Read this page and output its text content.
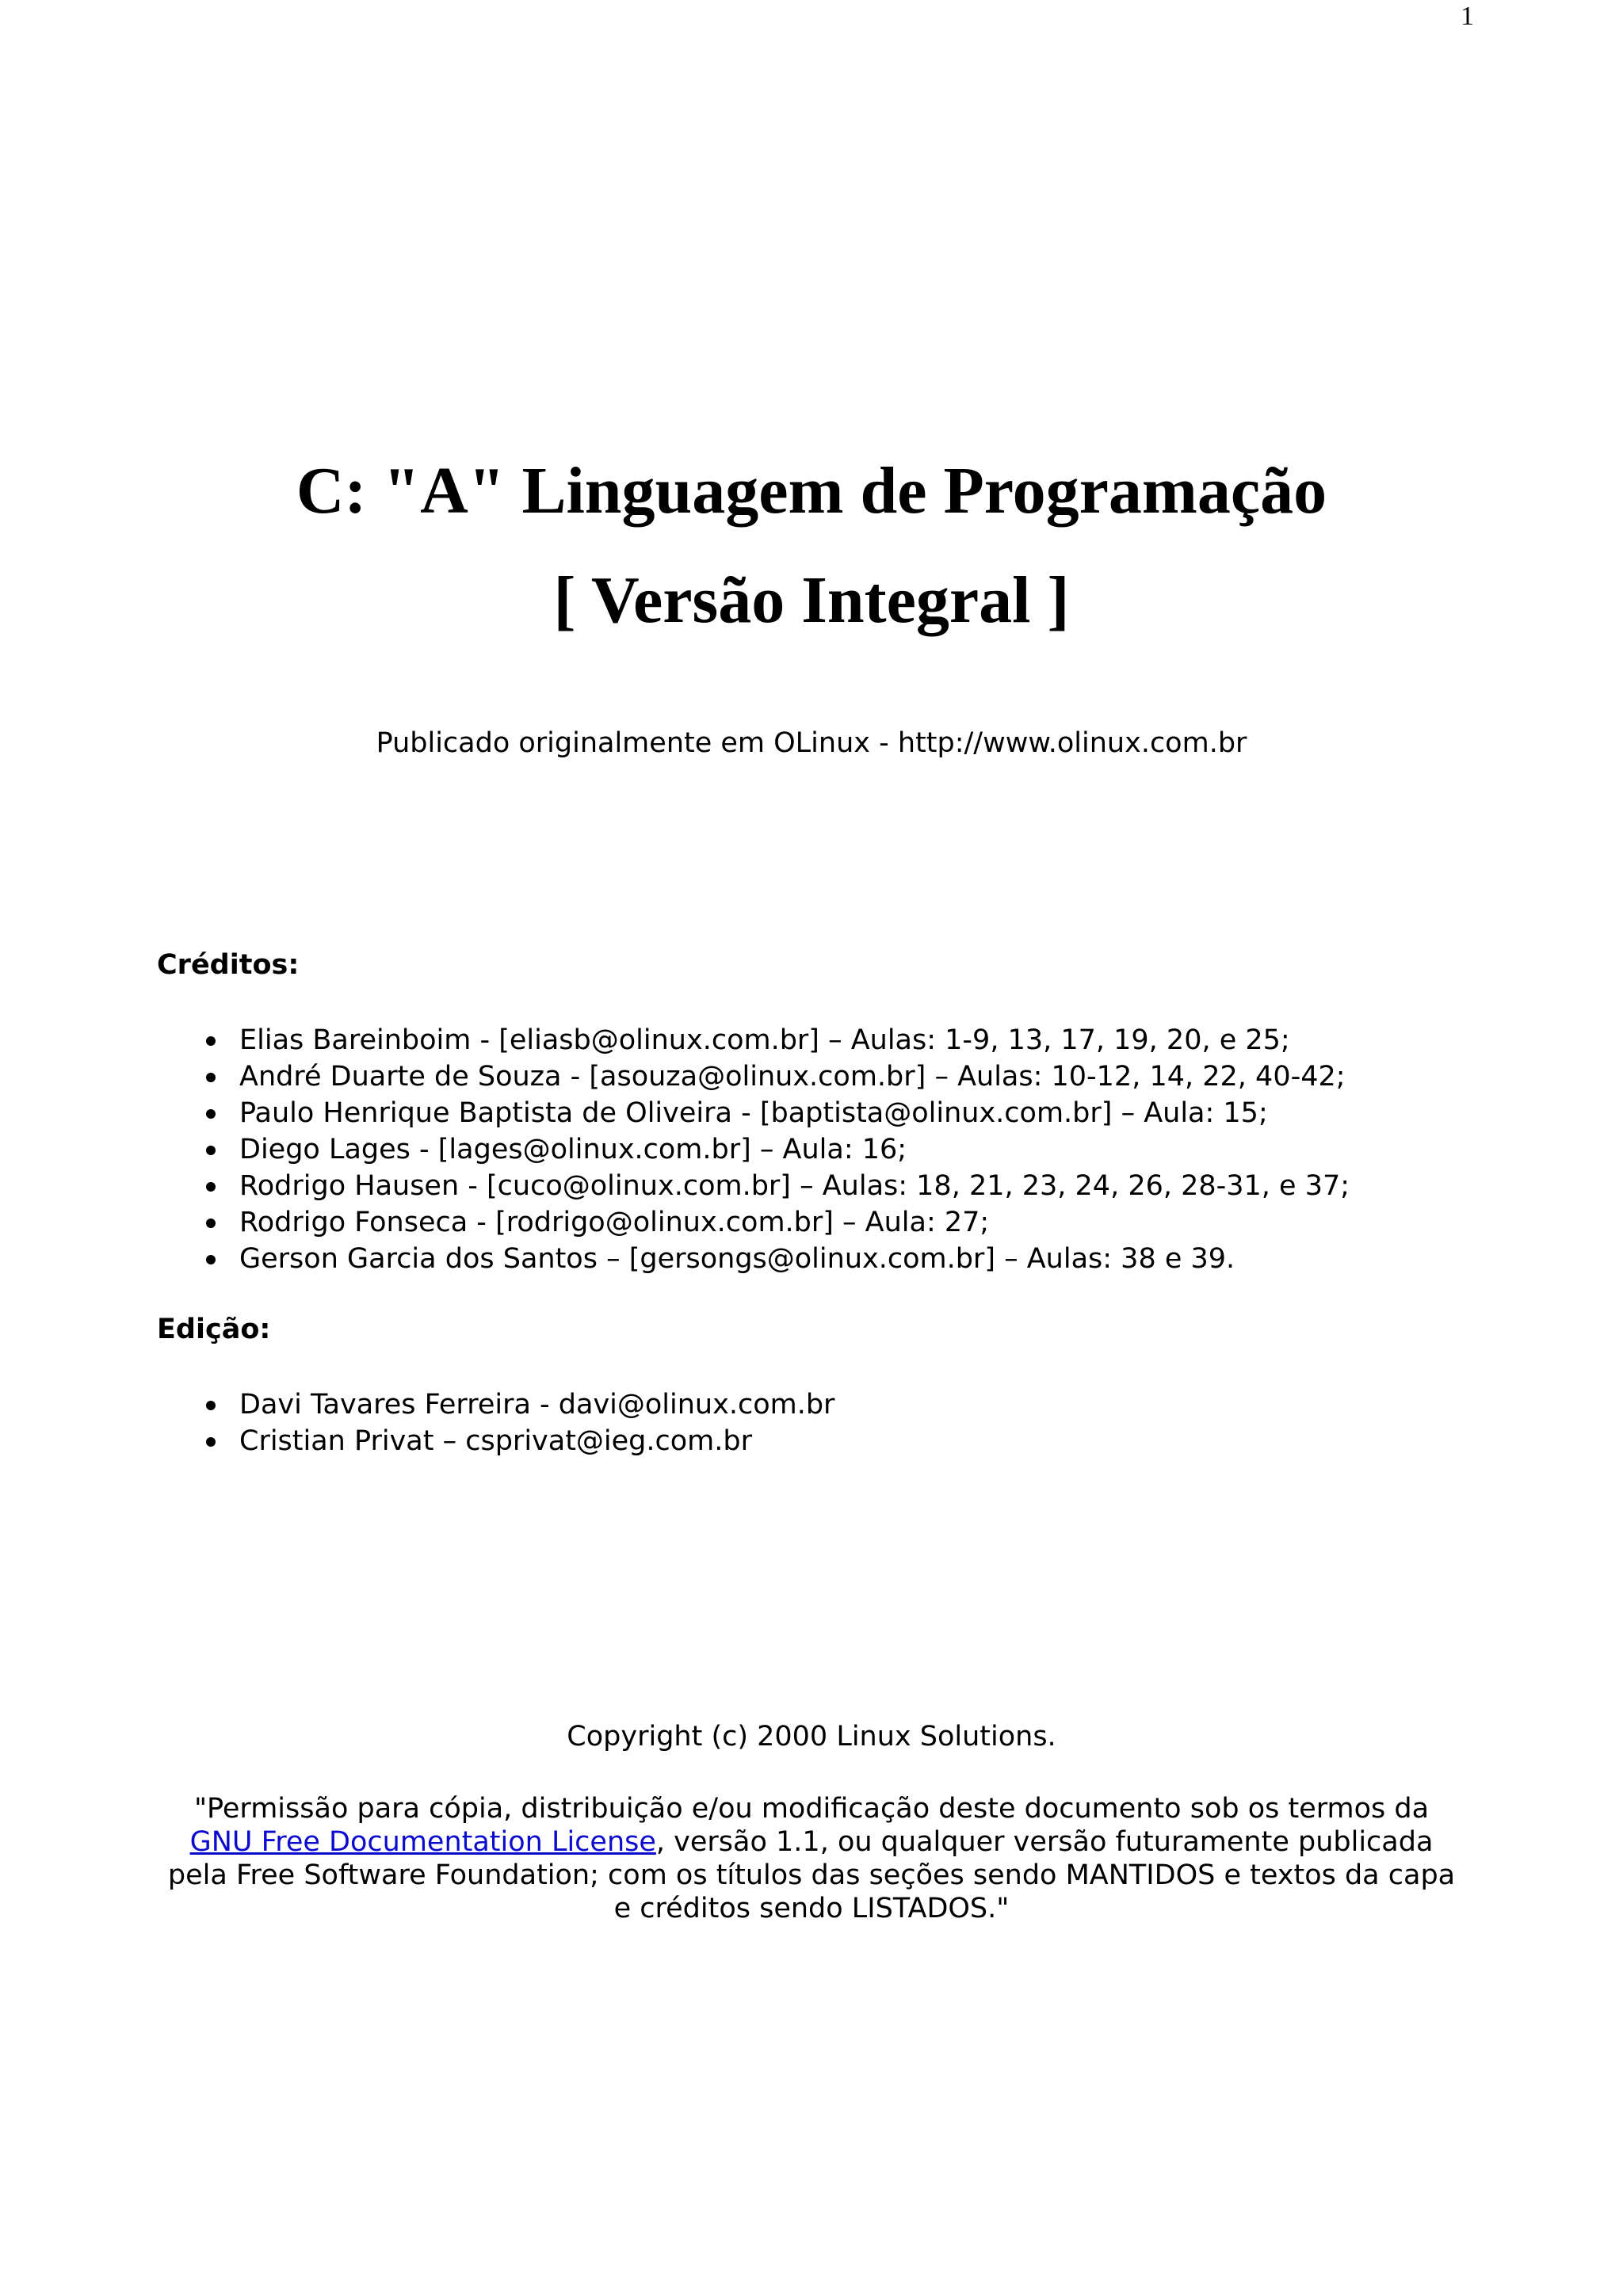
1
C: "A" Linguagem de Programação
[ Versão Integral ]
Publicado originalmente em OLinux - http://www.olinux.com.br
Créditos:
Elias Bareinboim - [eliasb@olinux.com.br] – Aulas: 1-9, 13, 17, 19, 20, e 25;
André Duarte de Souza - [asouza@olinux.com.br] – Aulas: 10-12, 14, 22, 40-42;
Paulo Henrique Baptista de Oliveira - [baptista@olinux.com.br] – Aula: 15;
Diego Lages - [lages@olinux.com.br] – Aula: 16;
Rodrigo Hausen - [cuco@olinux.com.br] – Aulas: 18, 21, 23, 24, 26, 28-31, e 37;
Rodrigo Fonseca - [rodrigo@olinux.com.br] – Aula: 27;
Gerson Garcia dos Santos – [gersongs@olinux.com.br] – Aulas: 38 e 39.
Edição:
Davi Tavares Ferreira - davi@olinux.com.br
Cristian Privat – csprivat@ieg.com.br
Copyright (c) 2000 Linux Solutions.
"Permissão para cópia, distribuição e/ou modificação deste documento sob os termos da GNU Free Documentation License, versão 1.1, ou qualquer versão futuramente publicada pela Free Software Foundation; com os títulos das seções sendo MANTIDOS e textos da capa e créditos sendo LISTADOS."
